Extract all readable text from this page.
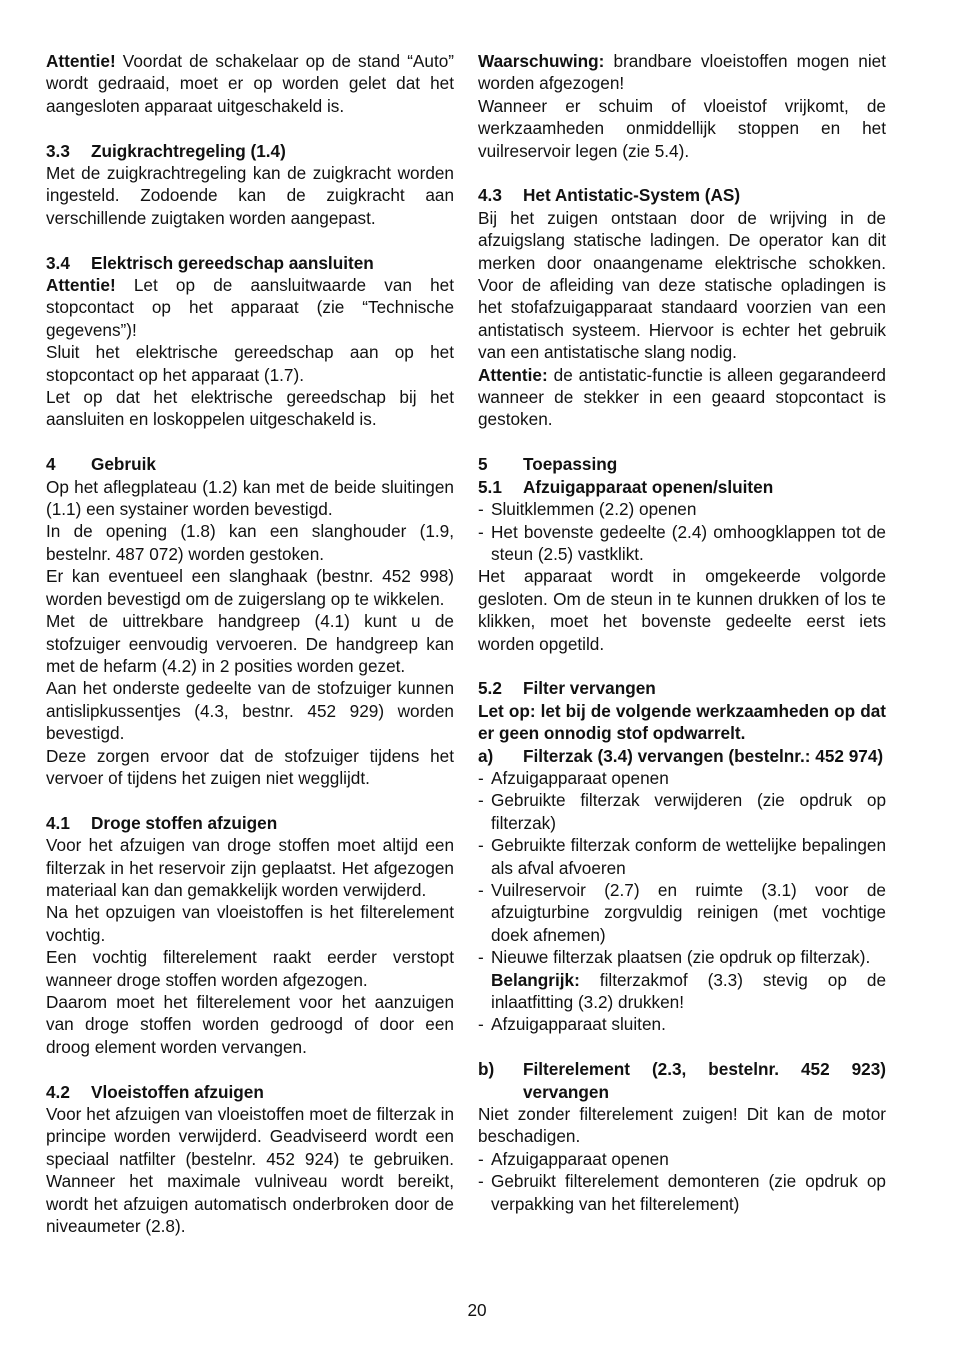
Attentie! Voordat de schakelaar op de stand “Auto” wordt gedraaid, moet er op worden gelet dat het aangesloten apparaat uitgeschakeld is.

3.3 Zuigkrachtregeling (1.4)

Met de zuigkrachtregeling kan de zuigkracht worden ingesteld. Zodoende kan de zuigkracht aan verschillende zuigtaken worden aangepast.

3.4 Elektrisch gereedschap aansluiten

Attentie! Let op de aansluitwaarde van het stopcontact op het apparaat (zie “Technische gegevens”)!

Sluit het elektrische gereedschap aan op het stopcontact op het apparaat (1.7).

Let op dat het elektrische gereedschap bij het aansluiten en loskoppelen uitgeschakeld is.

4 Gebruik

Op het aflegplateau (1.2) kan met de beide sluitingen (1.1) een systainer worden bevestigd.

In de opening (1.8) kan een slanghouder (1.9, bestelnr. 487 072) worden gestoken.

Er kan eventueel een slanghaak (bestnr. 452 998) worden bevestigd om de zuigerslang op te wikkelen.

Met de uittrekbare handgreep (4.1) kunt u de stofzuiger eenvoudig vervoeren. De handgreep kan met de hefarm (4.2) in 2 posities worden gezet.

Aan het onderste gedeelte van de stofzuiger kunnen antislipkussentjes (4.3, bestnr. 452 929) worden bevestigd.

Deze zorgen ervoor dat de stofzuiger tijdens het vervoer of tijdens het zuigen niet wegglijdt.

4.1 Droge stoffen afzuigen

Voor het afzuigen van droge stoffen moet altijd een filterzak in het reservoir zijn geplaatst. Het afgezogen materiaal kan dan gemakkelijk worden verwijderd.

Na het opzuigen van vloeistoffen is het filterelement vochtig.

Een vochtig filterelement raakt eerder verstopt wanneer droge stoffen worden afgezogen.

Daarom moet het filterelement voor het aanzuigen van droge stoffen worden gedroogd of door een droog element worden vervangen.

4.2 Vloeistoffen afzuigen

Voor het afzuigen van vloeistoffen moet de filterzak in principe worden verwijderd. Geadviseerd wordt een speciaal natfilter (bestelnr. 452 924) te gebruiken. Wanneer het maximale vulniveau wordt bereikt, wordt het afzuigen automatisch onderbroken door de niveaumeter (2.8).

Waarschuwing: brandbare vloeistoffen mogen niet worden afgezogen!

Wanneer er schuim of vloeistof vrijkomt, de werkzaamheden onmiddellijk stoppen en het vuilreservoir legen (zie 5.4).

4.3 Het Antistatic-System (AS)

Bij het zuigen ontstaan door de wrijving in de afzuigslang statische ladingen. De operator kan dit merken door onaangename elektrische schokken. Voor de afleiding van deze statische opladingen is het stofafzuigapparaat standaard voorzien van een antistatisch systeem. Hiervoor is echter het gebruik van een antistatische slang nodig.

Attentie: de antistatic-functie is alleen gegarandeerd wanneer de stekker in een geaard stopcontact is gestoken.

5 Toepassing

5.1 Afzuigapparaat openen/sluiten

- Sluitklemmen (2.2) openen
- Het bovenste gedeelte (2.4) omhoogklappen tot de steun (2.5) vastklikt.

Het apparaat wordt in omgekeerde volgorde gesloten. Om de steun in te kunnen drukken of los te klikken, moet het bovenste gedeelte eerst iets worden opgetild.

5.2 Filter vervangen

Let op: let bij de volgende werkzaamheden op dat er geen onnodig stof opdwarrelt.

a)	Filterzak (3.4) vervangen (bestelnr.: 452 974)
- Afzuigapparaat openen
- Gebruikte filterzak verwijderen (zie opdruk op filterzak)
- Gebruikte filterzak conform de wettelijke bepalingen als afval afvoeren
- Vuilreservoir (2.7) en ruimte (3.1) voor de afzuigturbine zorgvuldig reinigen (met vochtige doek afnemen)
- Nieuwe filterzak plaatsen (zie opdruk op filterzak).

Belangrijk: filterzakmof (3.3) stevig op de inlaatfitting (3.2) drukken!

- Afzuigapparaat sluiten.
b)	Filterelement (2.3, bestelnr. 452 923) vervangen

Niet zonder filterelement zuigen! Dit kan de motor beschadigen.

- Afzuigapparaat openen
- Gebruikt filterelement demonteren (zie opdruk op verpakking van het filterelement)
20
